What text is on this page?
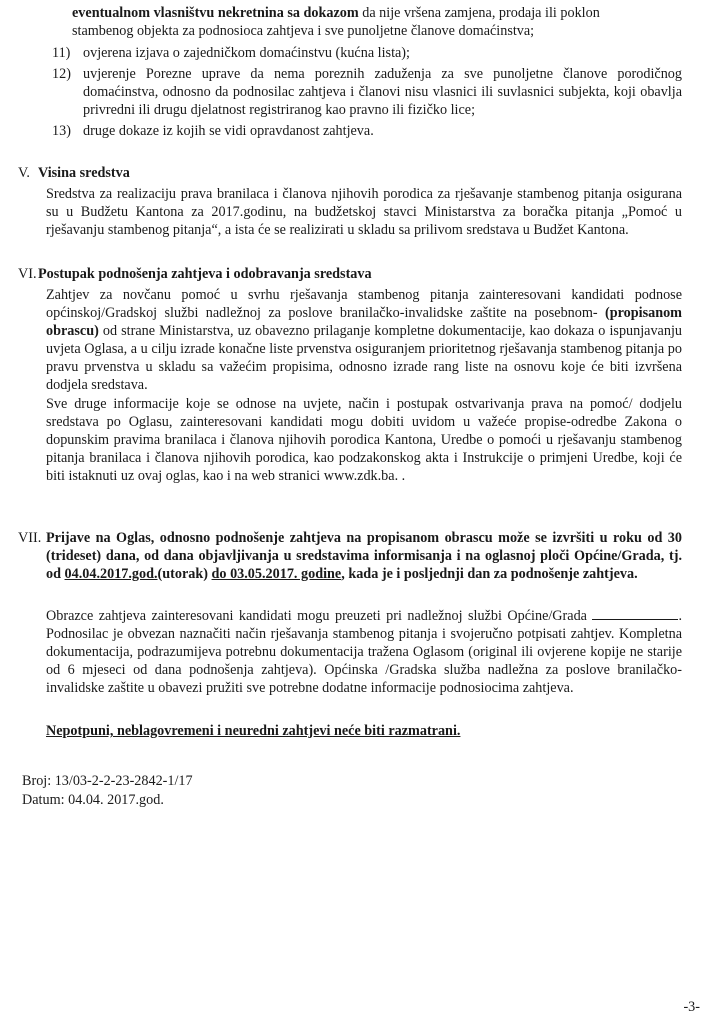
eventualnom vlasništvu nekretnina sa dokazom da nije vršena zamjena, prodaja ili poklon
stambenog objekta za podnosioca zahtjeva i sve punoljetne članove domaćinstva;
11) ovjerena izjava o zajedničkom domaćinstvu (kućna lista);
12) uvjerenje Porezne uprave da nema poreznih zaduženja za sve punoljetne članove porodičnog domaćinstva, odnosno da podnosilac zahtjeva i članovi nisu vlasnici ili suvlasnici subjekta, koji obavlja privredni ili drugu djelatnost registriranog kao pravno ili fizičko lice;
13) druge dokaze iz kojih se vidi opravdanost zahtjeva.
V. Visina sredstva
Sredstva za realizaciju prava branilaca i članova njihovih porodica za rješavanje stambenog pitanja osigurana su u Budžetu Kantona za 2017.godinu, na budžetskoj stavci Ministarstva za boračka pitanja „Pomoć u rješavanju stambenog pitanja“, a ista će se realizirati u skladu sa prilivom sredstava u Budžet Kantona.
VI. Postupak podnošenja zahtjeva i odobravanja sredstava
Zahtjev za novčanu pomoć u svrhu rješavanja stambenog pitanja zainteresovani kandidati podnose općinskoj/Gradskoj službi nadležnoj za poslove branilačko-invalidske zaštite na posebnom- (propisanom obrascu) od strane Ministarstva, uz obavezno prilaganje kompletne dokumentacije, kao dokaza o ispunjavanju uvjeta Oglasa, a u cilju izrade konačne liste prvenstva osiguranjem prioritetnog rješavanja stambenog pitanja po pravu prvenstva u skladu sa važećim propisima, odnosno izrade rang liste na osnovu koje će biti izvršena dodjela sredstava.
Sve druge informacije koje se odnose na uvjete, način i postupak ostvarivanja prava na pomoć/ dodjelu sredstava po Oglasu, zainteresovani kandidati mogu dobiti uvidom u važeće propise-odredbe Zakona o dopunskim pravima branilaca i članova njihovih porodica Kantona, Uredbe o pomoći u rješavanju stambenog pitanja branilaca i članova njihovih porodica, kao podzakonskog akta i Instrukcije o primjeni Uredbe, koji će biti istaknuti uz ovaj oglas, kao i na web stranici www.zdk.ba. .
VII. Prijave na Oglas, odnosno podnošenje zahtjeva na propisanom obrascu može se izvršiti u roku od 30 (trideset) dana, od dana objavljivanja u sredstavima informisanja i na oglasnoj ploči Općine/Grada, tj. od 04.04.2017.god.(utorak) do 03.05.2017. godine, kada je i posljednji dan za podnošenje zahtjeva.
Obrazce zahtjeva zainteresovani kandidati mogu preuzeti pri nadležnoj službi Općine/Grada	. Podnosilac je obvezan naznačiti način rješavanja stambenog pitanja i svojeručno potpisati zahtjev. Kompletna dokumentacija, podrazumijeva potrebnu dokumentacija tražena Oglasom (original ili ovjerene kopije ne starije od 6 mjeseci od dana podnošenja zahtjeva). Općinska /Gradska služba nadležna za poslove branilačko-invalidske zaštite u obavezi pružiti sve potrebne dodatne informacije podnosiocima zahtjeva.
Nepotpuni, neblagovremeni i neuredni zahtjevi neće biti razmatrani.
Broj: 13/03-2-2-23-2842-1/17
Datum: 04.04. 2017.god.
-3-
